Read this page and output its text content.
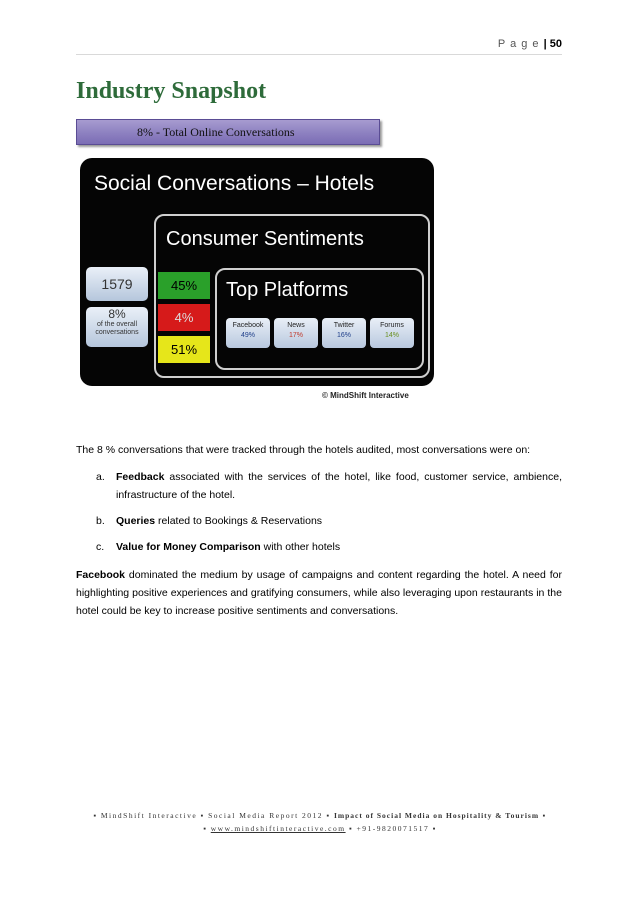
P a g e | 50
Industry Snapshot
8% - Total Online Conversations
Social Conversations – Hotels
Consumer Sentiments
Top Platforms
1579
8%
of the overall conversations
45%
4%
51%
Facebook
49%
News
17%
Twitter
16%
Forums
14%
© MindShift Interactive
The 8 % conversations that were tracked through the hotels audited, most conversations were on:
a. Feedback associated with the services of the hotel, like food, customer service, ambience, infrastructure of the hotel.
b. Queries related to Bookings & Reservations
c. Value for Money Comparison with other hotels
Facebook dominated the medium by usage of campaigns and content regarding the hotel. A need for highlighting positive experiences and gratifying consumers, while also leveraging upon restaurants in the hotel could be key to increase positive sentiments and conversations.
▪ MindShift Interactive ▪ Social Media Report 2012 ▪ Impact of Social Media on Hospitality & Tourism ▪
▪ www.mindshiftinteractive.com ▪ +91-9820071517 ▪
